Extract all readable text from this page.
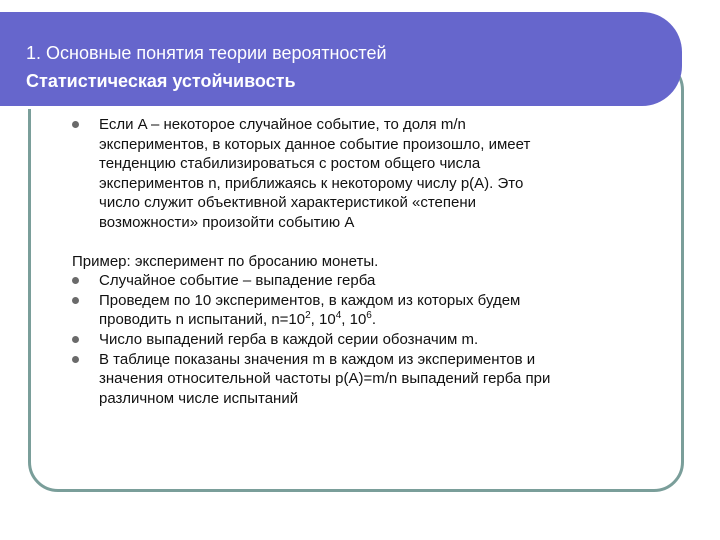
1. Основные понятия теории вероятностей
Статистическая устойчивость
Если A – некоторое случайное событие, то доля m/n
экспериментов, в которых данное событие произошло, имеет
тенденцию стабилизироваться с ростом общего числа
экспериментов n, приближаясь к некоторому числу p(A). Это
число служит объективной характеристикой «степени
возможности» произойти событию A
Пример: эксперимент по бросанию монеты.
Случайное событие – выпадение герба
Проведем по 10 экспериментов, в каждом из которых будем
проводить n испытаний, $n=10^2$, $10^4$, $10^6$.
Число выпадений герба в каждой серии обозначим m.
В таблице показаны значения m в каждом из экспериментов и
значения относительной частоты p(A)=m/n выпадений герба при
различном числе испытаний
